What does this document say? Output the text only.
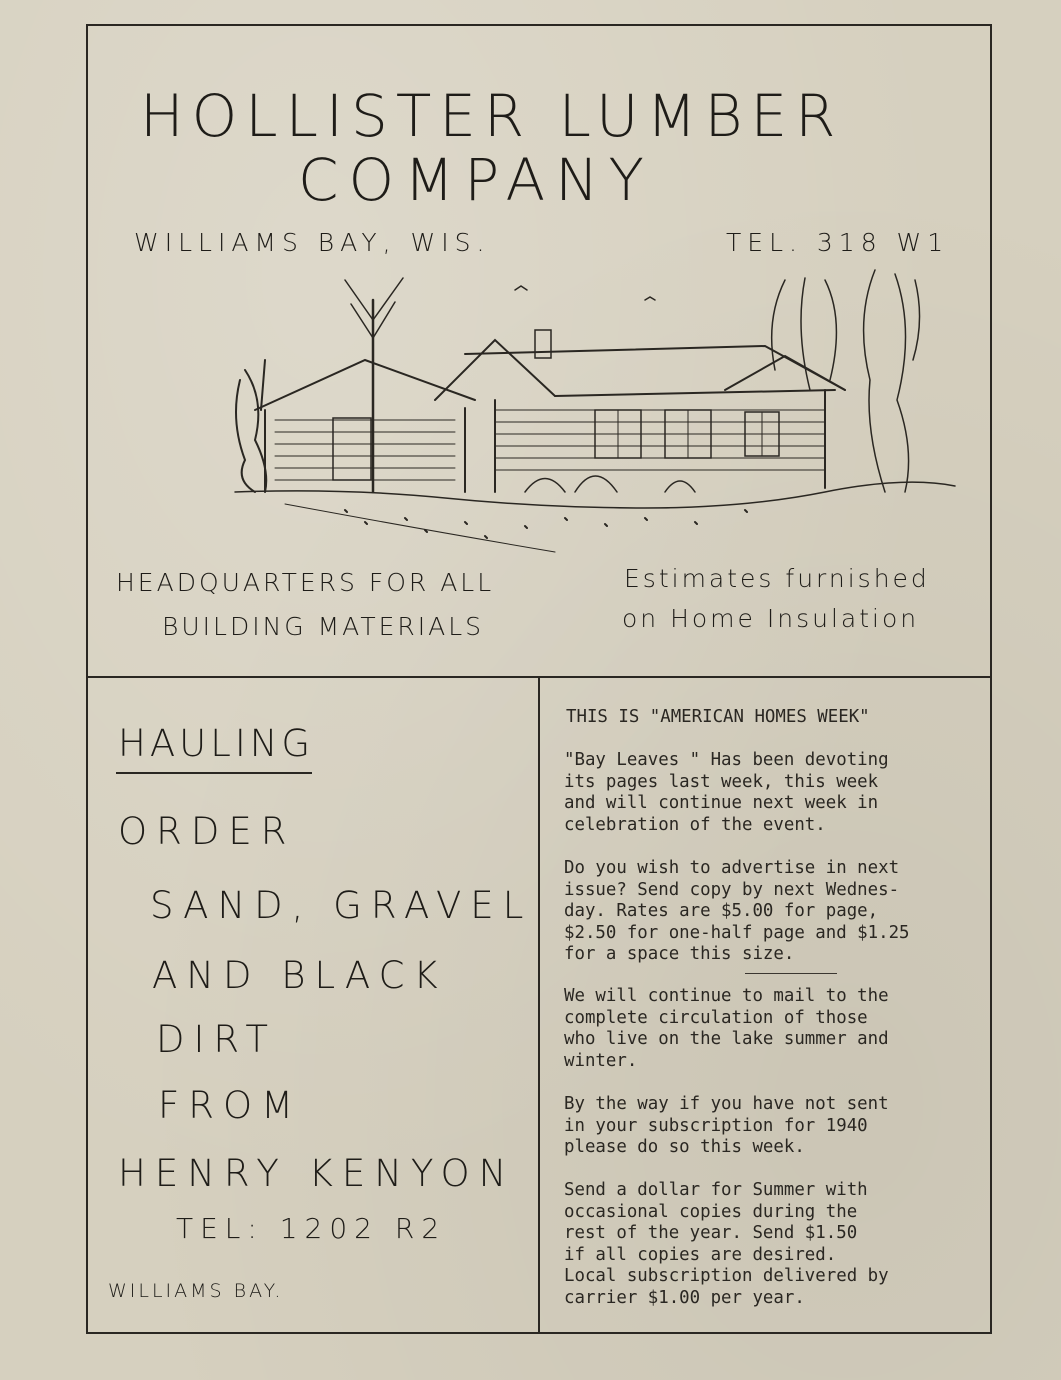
HOLLISTER LUMBER
COMPANY
WILLIAMS BAY, WIS.	TEL. 318 W1
HEADQUARTERS FOR ALL
BUILDING MATERIALS
Estimates furnished
on Home Insulation
HAULING
ORDER
SAND, GRAVEL
AND BLACK
DIRT
FROM
HENRY KENYON
TEL: 1202 R2
WILLIAMS BAY.
THIS IS "AMERICAN HOMES WEEK"
"Bay Leaves " Has been devoting
its pages last week, this week
and will continue next week in
celebration of the event.
Do you wish to advertise in next
issue? Send copy by next Wednes-
day. Rates are $5.00 for page,
$2.50 for one-half page and $1.25
for a space this size.
We will continue to mail to the
complete circulation of those
who live on the lake summer and
winter.
By the way if you have not sent
in your subscription for 1940
please do so this week.
Send a dollar for Summer with
occasional copies during the
rest of the year. Send $1.50
if all copies are desired.
Local subscription delivered by
carrier $1.00 per year.
